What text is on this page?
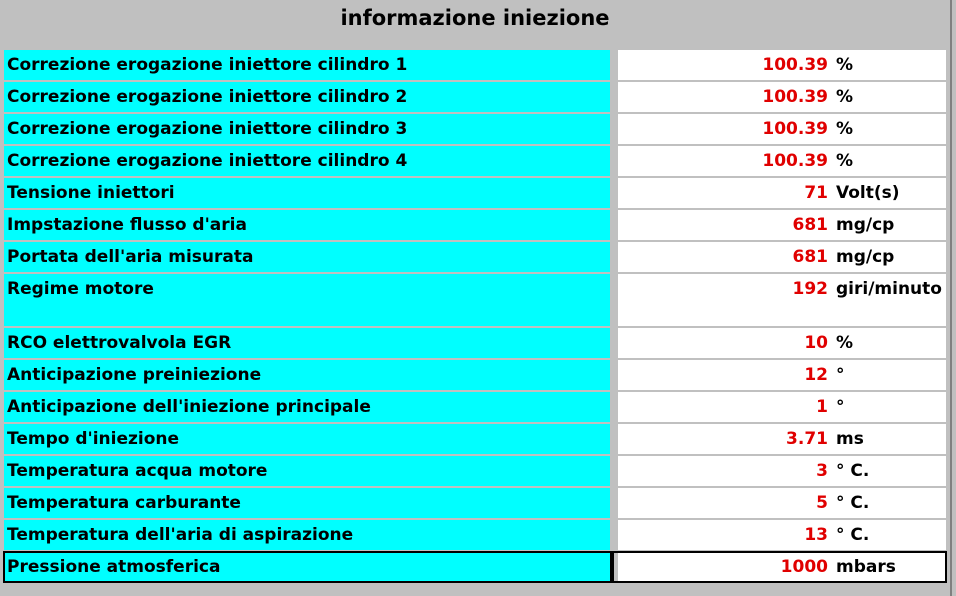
informazione iniezione
Correzione erogazione iniettore cilindro 1	100.39 %
Correzione erogazione iniettore cilindro 2	100.39 %
Correzione erogazione iniettore cilindro 3	100.39 %
Correzione erogazione iniettore cilindro 4	100.39 %
Tensione iniettori	71 Volt(s)
Impstazione flusso d'aria	681 mg/cp
Portata dell'aria misurata	681 mg/cp
Regime motore	192 giri/minuto
RCO elettrovalvola EGR	10 %
Anticipazione preiniezione	12 °
Anticipazione dell'iniezione principale	1 °
Tempo d'iniezione	3.71 ms
Temperatura acqua motore	3 ° C.
Temperatura carburante	5 ° C.
Temperatura dell'aria di aspirazione	13 ° C.
Pressione atmosferica	1000 mbars
